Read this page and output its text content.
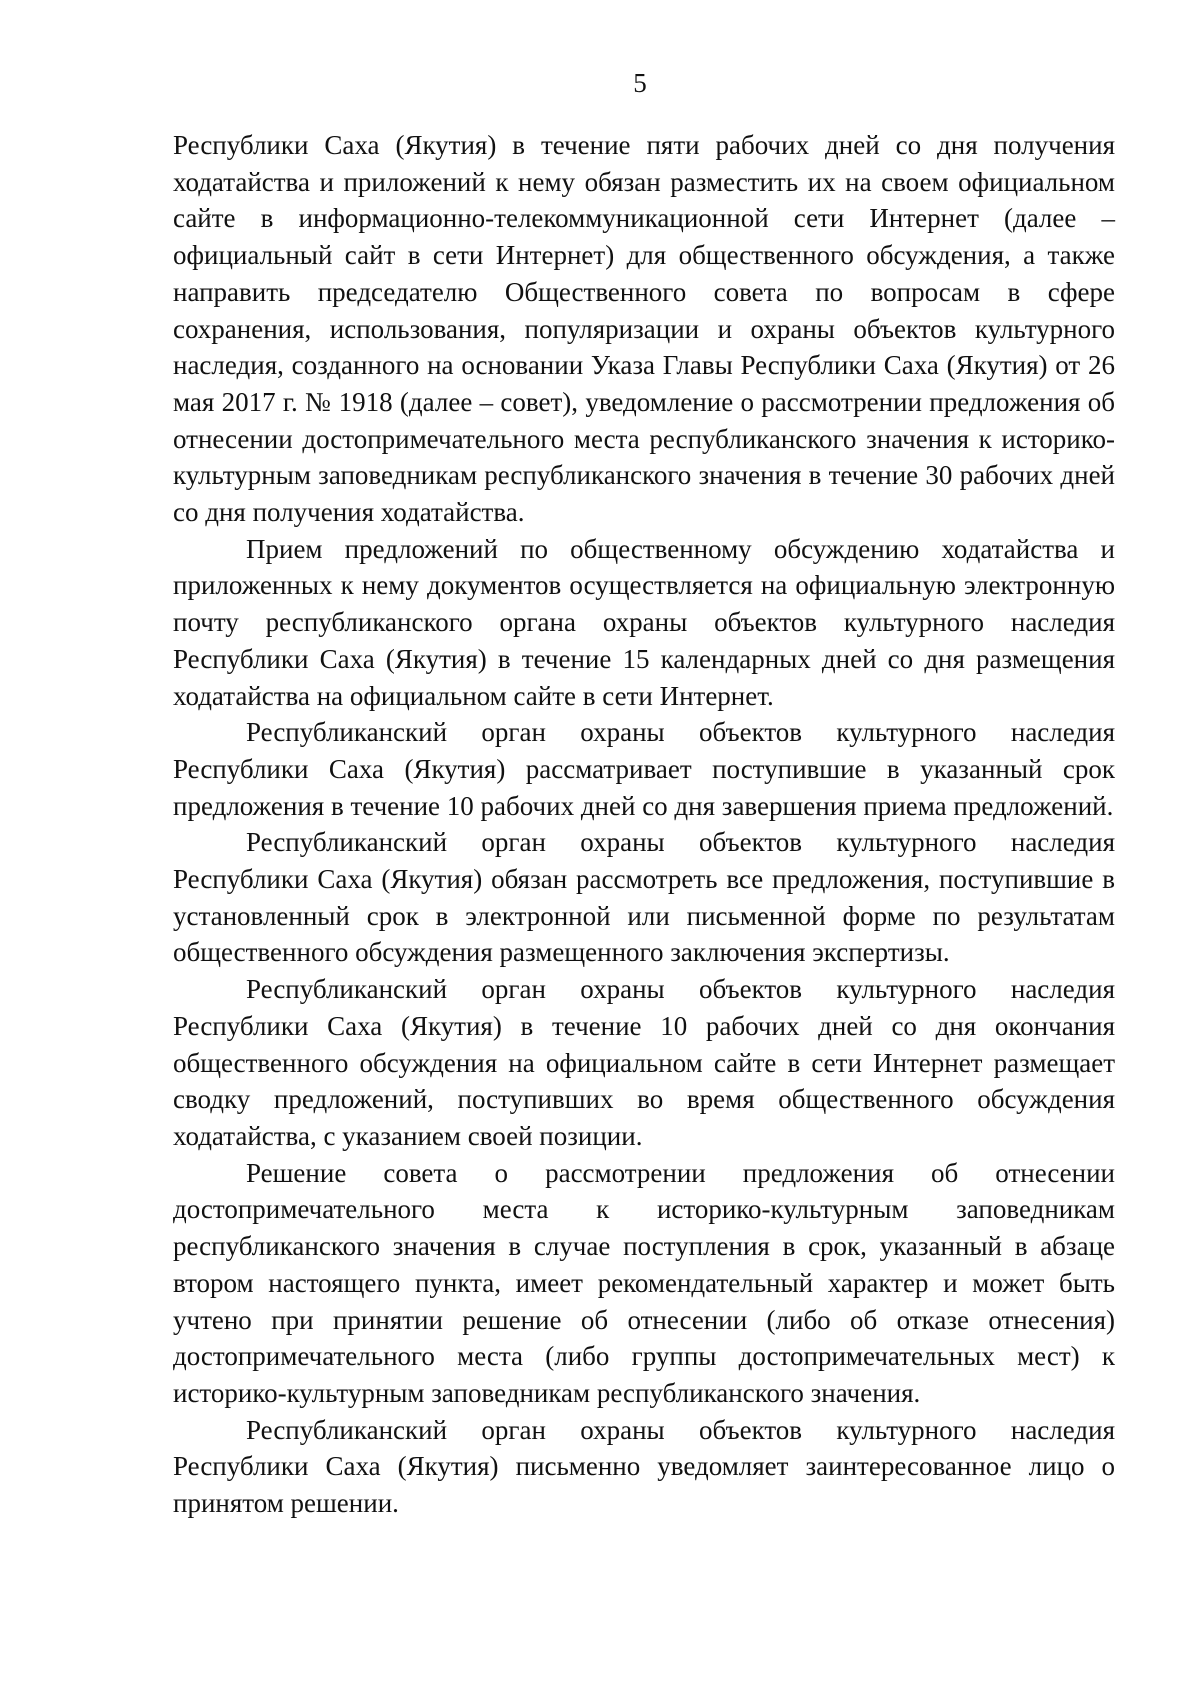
5

Республики Саха (Якутия) в течение пяти рабочих дней со дня получения ходатайства и приложений к нему обязан разместить их на своем официальном сайте в информационно-телекоммуникационной сети Интернет (далее – официальный сайт в сети Интернет) для общественного обсуждения, а также направить председателю Общественного совета по вопросам в сфере сохранения, использования, популяризации и охраны объектов культурного наследия, созданного на основании Указа Главы Республики Саха (Якутия) от 26 мая 2017 г. № 1918 (далее – совет), уведомление о рассмотрении предложения об отнесении достопримечательного места республиканского значения к историко-культурным заповедникам республиканского значения в течение 30 рабочих дней со дня получения ходатайства.

Прием предложений по общественному обсуждению ходатайства и приложенных к нему документов осуществляется на официальную электронную почту республиканского органа охраны объектов культурного наследия Республики Саха (Якутия) в течение 15 календарных дней со дня размещения ходатайства на официальном сайте в сети Интернет.

Республиканский орган охраны объектов культурного наследия Республики Саха (Якутия) рассматривает поступившие в указанный срок предложения в течение 10 рабочих дней со дня завершения приема предложений.

Республиканский орган охраны объектов культурного наследия Республики Саха (Якутия) обязан рассмотреть все предложения, поступившие в установленный срок в электронной или письменной форме по результатам общественного обсуждения размещенного заключения экспертизы.

Республиканский орган охраны объектов культурного наследия Республики Саха (Якутия) в течение 10 рабочих дней со дня окончания общественного обсуждения на официальном сайте в сети Интернет размещает сводку предложений, поступивших во время общественного обсуждения ходатайства, с указанием своей позиции.

Решение совета о рассмотрении предложения об отнесении достопримечательного места к историко-культурным заповедникам республиканского значения в случае поступления в срок, указанный в абзаце втором настоящего пункта, имеет рекомендательный характер и может быть учтено при принятии решение об отнесении (либо об отказе отнесения) достопримечательного места (либо группы достопримечательных мест) к историко-культурным заповедникам республиканского значения.

Республиканский орган охраны объектов культурного наследия Республики Саха (Якутия) письменно уведомляет заинтересованное лицо о принятом решении.
